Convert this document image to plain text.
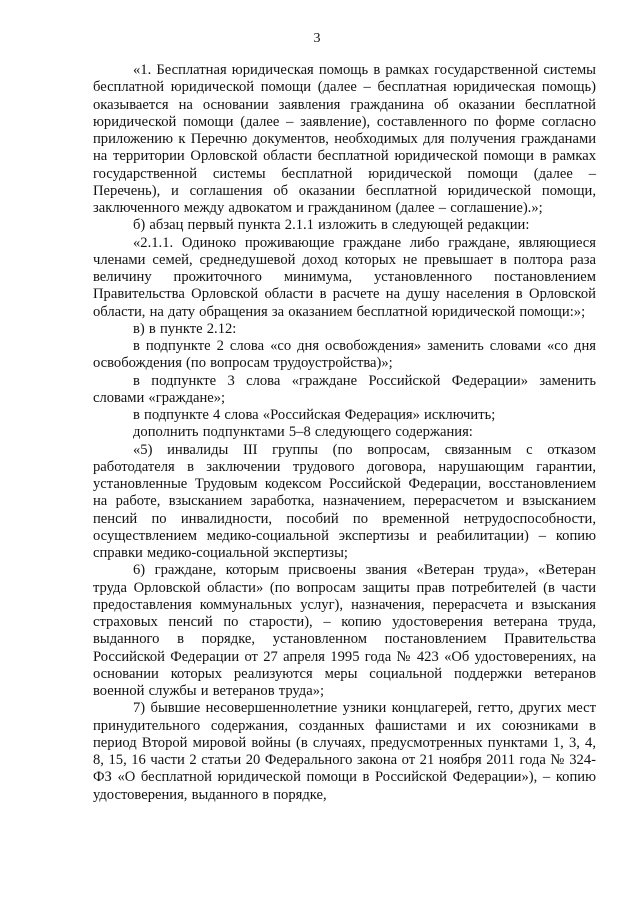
3

«1. Бесплатная юридическая помощь в рамках государственной системы бесплатной юридической помощи (далее – бесплатная юридическая помощь) оказывается на основании заявления гражданина об оказании бесплатной юридической помощи (далее – заявление), составленного по форме согласно приложению к Перечню документов, необходимых для получения гражданами на территории Орловской области бесплатной юридической помощи в рамках государственной системы бесплатной юридической помощи (далее – Перечень), и соглашения об оказании бесплатной юридической помощи, заключенного между адвокатом и гражданином (далее – соглашение).»;

б) абзац первый пункта 2.1.1 изложить в следующей редакции:

«2.1.1. Одиноко проживающие граждане либо граждане, являющиеся членами семей, среднедушевой доход которых не превышает в полтора раза величину прожиточного минимума, установленного постановлением Правительства Орловской области в расчете на душу населения в Орловской области, на дату обращения за оказанием бесплатной юридической помощи:»;

в) в пункте 2.12:

в подпункте 2 слова «со дня освобождения» заменить словами «со дня освобождения (по вопросам трудоустройства)»;

в подпункте 3 слова «граждане Российской Федерации» заменить словами «граждане»;

в подпункте 4 слова «Российская Федерация» исключить;

дополнить подпунктами 5–8 следующего содержания:

«5) инвалиды III группы (по вопросам, связанным с отказом работодателя в заключении трудового договора, нарушающим гарантии, установленные Трудовым кодексом Российской Федерации, восстановлением на работе, взысканием заработка, назначением, перерасчетом и взысканием пенсий по инвалидности, пособий по временной нетрудоспособности, осуществлением медико-социальной экспертизы и реабилитации) – копию справки медико-социальной экспертизы;

6) граждане, которым присвоены звания «Ветеран труда», «Ветеран труда Орловской области» (по вопросам защиты прав потребителей (в части предоставления коммунальных услуг), назначения, перерасчета и взыскания страховых пенсий по старости), – копию удостоверения ветерана труда, выданного в порядке, установленном постановлением Правительства Российской Федерации от 27 апреля 1995 года № 423 «Об удостоверениях, на основании которых реализуются меры социальной поддержки ветеранов военной службы и ветеранов труда»;

7) бывшие несовершеннолетние узники концлагерей, гетто, других мест принудительного содержания, созданных фашистами и их союзниками в период Второй мировой войны (в случаях, предусмотренных пунктами 1, 3, 4, 8, 15, 16 части 2 статьи 20 Федерального закона от 21 ноября 2011 года № 324-ФЗ «О бесплатной юридической помощи в Российской Федерации»), – копию удостоверения, выданного в порядке,
